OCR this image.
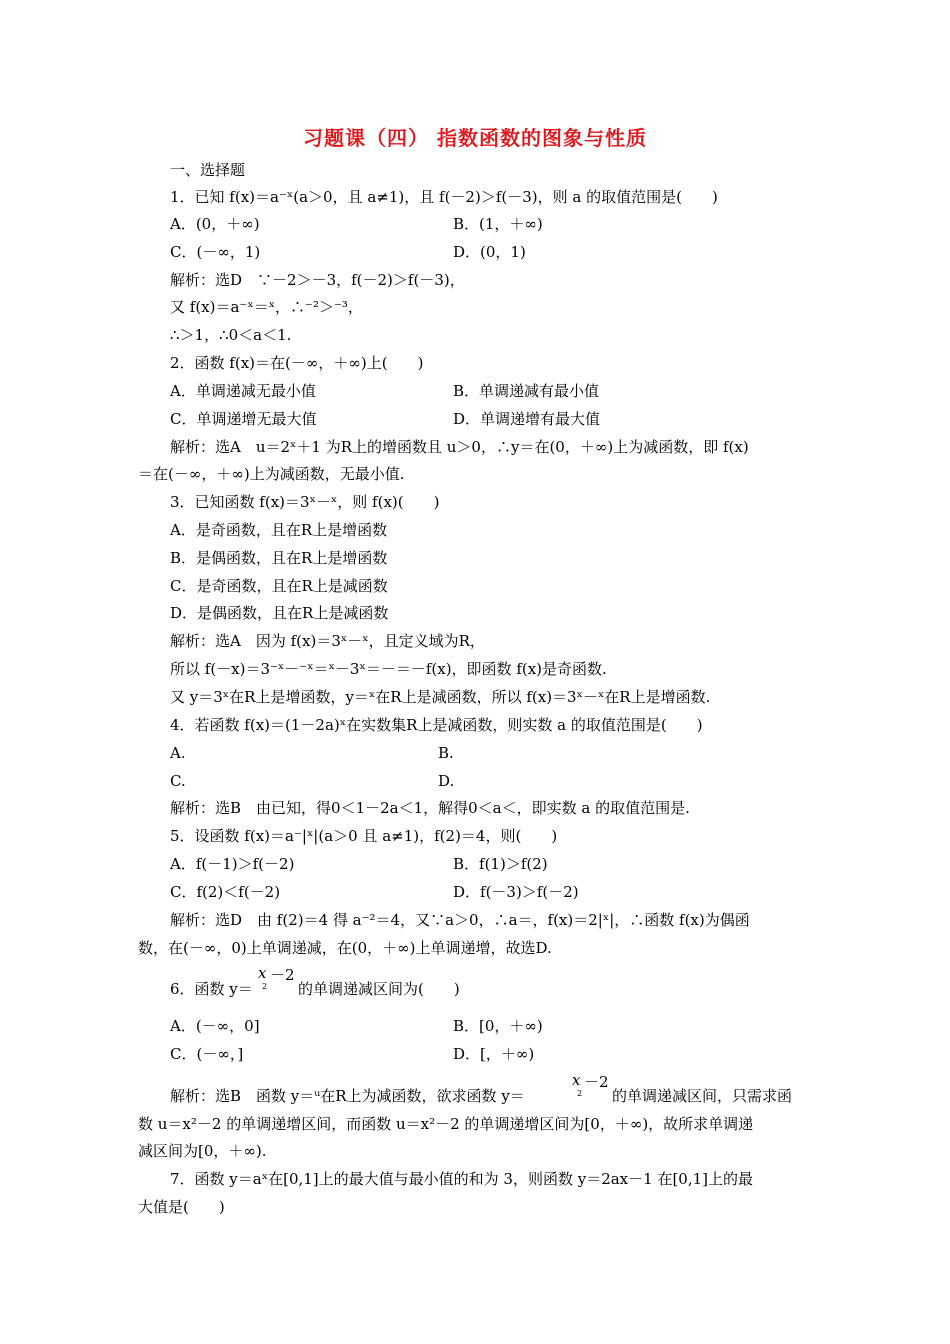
习题课（四） 指数函数的图象与性质
一、选择题
1．已知 f(x)＝a⁻ˣ(a＞0，且 a≠1)，且 f(－2)＞f(－3)，则 a 的取值范围是(　　)
A．(0，＋∞)	B．(1，＋∞)
C．(－∞，1)	D．(0，1)
解析：选D　∵－2＞－3，f(－2)＞f(－3)，
又 f(x)＝a⁻ˣ＝ˣ，∴⁻²＞⁻³，
∴＞1，∴0＜a＜1.
2．函数 f(x)＝在(－∞，＋∞)上(　　)
A．单调递减无最小值	B．单调递减有最小值
C．单调递增无最大值	D．单调递增有最大值
解析：选A　u＝2ˣ＋1 为R上的增函数且 u＞0，∴y＝在(0，＋∞)上为减函数，即 f(x)
＝在(－∞，＋∞)上为减函数，无最小值.
3．已知函数 f(x)＝3ˣ－ˣ，则 f(x)(　　)
A．是奇函数，且在R上是增函数
B．是偶函数，且在R上是增函数
C．是奇函数，且在R上是减函数
D．是偶函数，且在R上是减函数
解析：选A　因为 f(x)＝3ˣ－ˣ，且定义域为R，
所以 f(－x)＝3⁻ˣ－⁻ˣ＝ˣ－3ˣ＝－＝－f(x)，即函数 f(x)是奇函数.
又 y＝3ˣ在R上是增函数，y＝ˣ在R上是减函数，所以 f(x)＝3ˣ－ˣ在R上是增函数.
4．若函数 f(x)＝(1－2a)ˣ在实数集R上是减函数，则实数 a 的取值范围是(　　)
A.	B.
C.	D.
解析：选B　由已知，得0＜1－2a＜1，解得0＜a＜，即实数 a 的取值范围是.
5．设函数 f(x)＝a⁻|ˣ|(a＞0 且 a≠1)，f(2)＝4，则(　　)
A．f(－1)＞f(－2)	B．f(1)＞f(2)
C．f(2)＜f(－2)	D．f(－3)＞f(－2)
解析：选D　由 f(2)＝4 得 a⁻²＝4，又∵a＞0，∴a＝，f(x)＝2|ˣ|，∴函数 f(x)为偶函
数，在(－∞，0)上单调递减，在(0，＋∞)上单调递增，故选D.
6．函数 y＝
x －2
2 的单调递减区间为(　　)
A．(－∞，0]	B．[0，＋∞)
C．(－∞，]	D．[，＋∞)
解析：选B　函数 y＝ᵘ在R上为减函数，欲求函数 y＝
x －2
2 的单调递减区间，只需求函
数 u＝x²－2 的单调递增区间，而函数 u＝x²－2 的单调递增区间为[0，＋∞)，故所求单调递
减区间为[0，＋∞).
7．函数 y＝aˣ在[0,1]上的最大值与最小值的和为 3，则函数 y＝2ax－1 在[0,1]上的最
大值是(　　)
